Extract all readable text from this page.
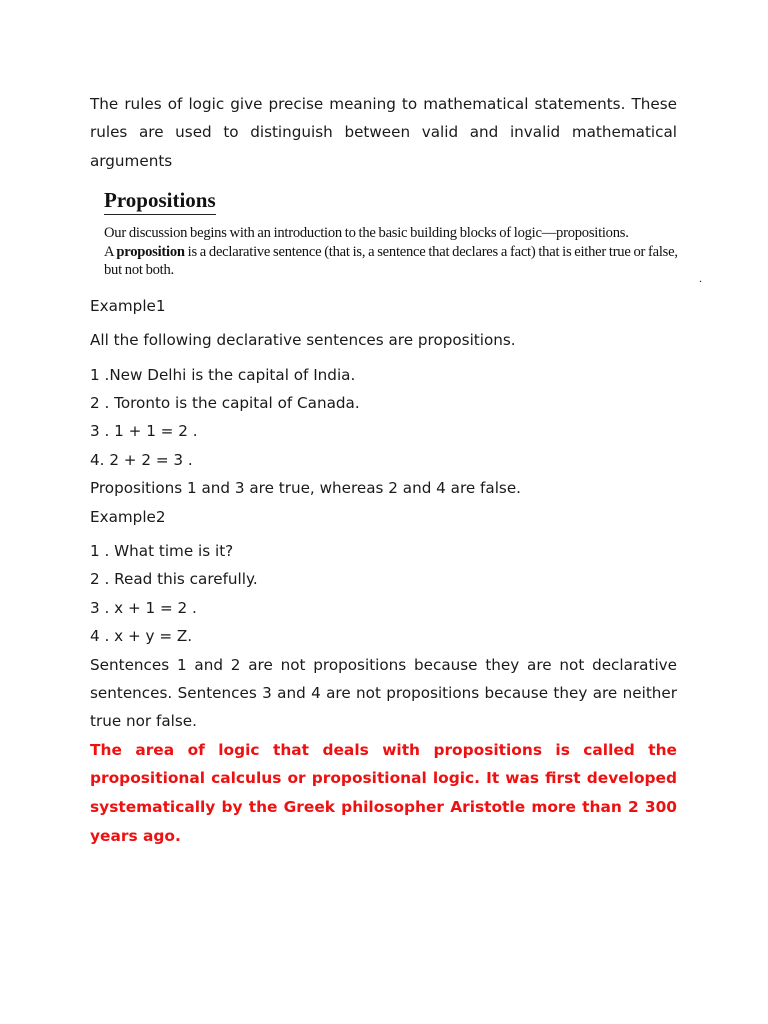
The rules of logic give precise meaning to mathematical statements. These rules are used to distinguish between valid and invalid mathematical arguments

Propositions

Our discussion begins with an introduction to the basic building blocks of logic—propositions.
A proposition is a declarative sentence (that is, a sentence that declares a fact) that is either true or false, but not both.	.

Example1

All the following declarative sentences are propositions.

1 .New Delhi is the capital of India.

2 . Toronto is the capital of Canada.

3 . 1 + 1 = 2 .

4. 2 + 2 = 3 .

Propositions 1 and 3 are true, whereas 2 and 4 are false.

Example2

1 . What time is it?

2 . Read this carefully.

3 . x + 1 = 2 .

4 . x + y = Z.

Sentences 1 and 2 are not propositions because they are not declarative sentences. Sentences 3 and 4 are not propositions because they are neither true nor false.

The area of logic that deals with propositions is called the propositional calculus or propositional logic. It was first developed systematically by the Greek philosopher Aristotle more than 2 300 years ago.
